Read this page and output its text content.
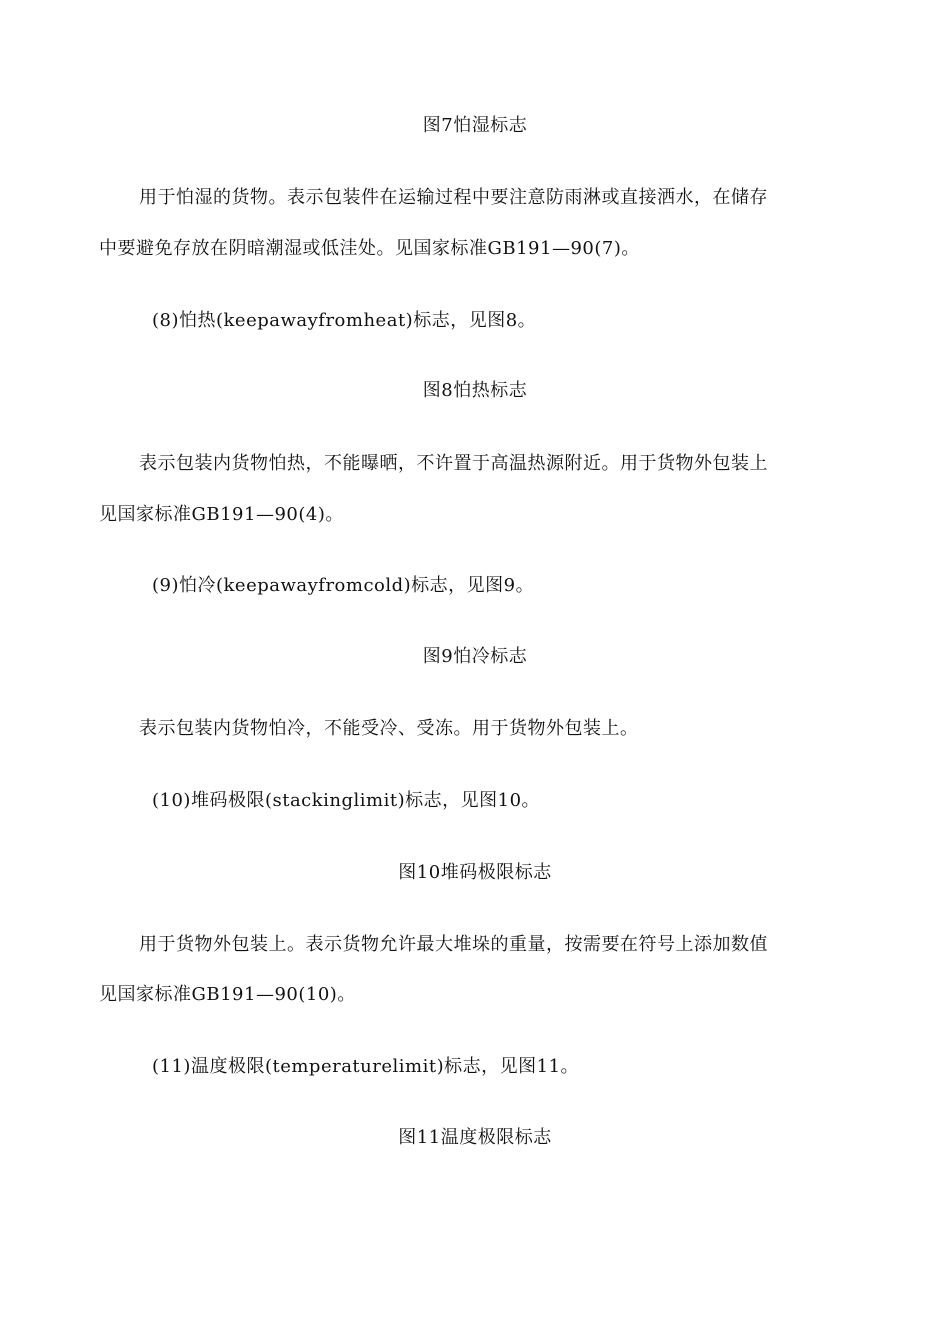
图7怕湿标志
用于怕湿的货物。表示包装件在运输过程中要注意防雨淋或直接洒水，在储存
中要避免存放在阴暗潮湿或低洼处。见国家标准GB191—90(7)。
(8)怕热(keepawayfromheat)标志，见图8。
图8怕热标志
表示包装内货物怕热，不能曝晒，不许置于高温热源附近。用于货物外包装上
见国家标准GB191—90(4)。
(9)怕冷(keepawayfromcold)标志，见图9。
图9怕冷标志
表示包装内货物怕冷，不能受冷、受冻。用于货物外包装上。
(10)堆码极限(stackinglimit)标志，见图10。
图10堆码极限标志
用于货物外包装上。表示货物允许最大堆垛的重量，按需要在符号上添加数值
见国家标准GB191—90(10)。
(11)温度极限(temperaturelimit)标志，见图11。
图11温度极限标志
